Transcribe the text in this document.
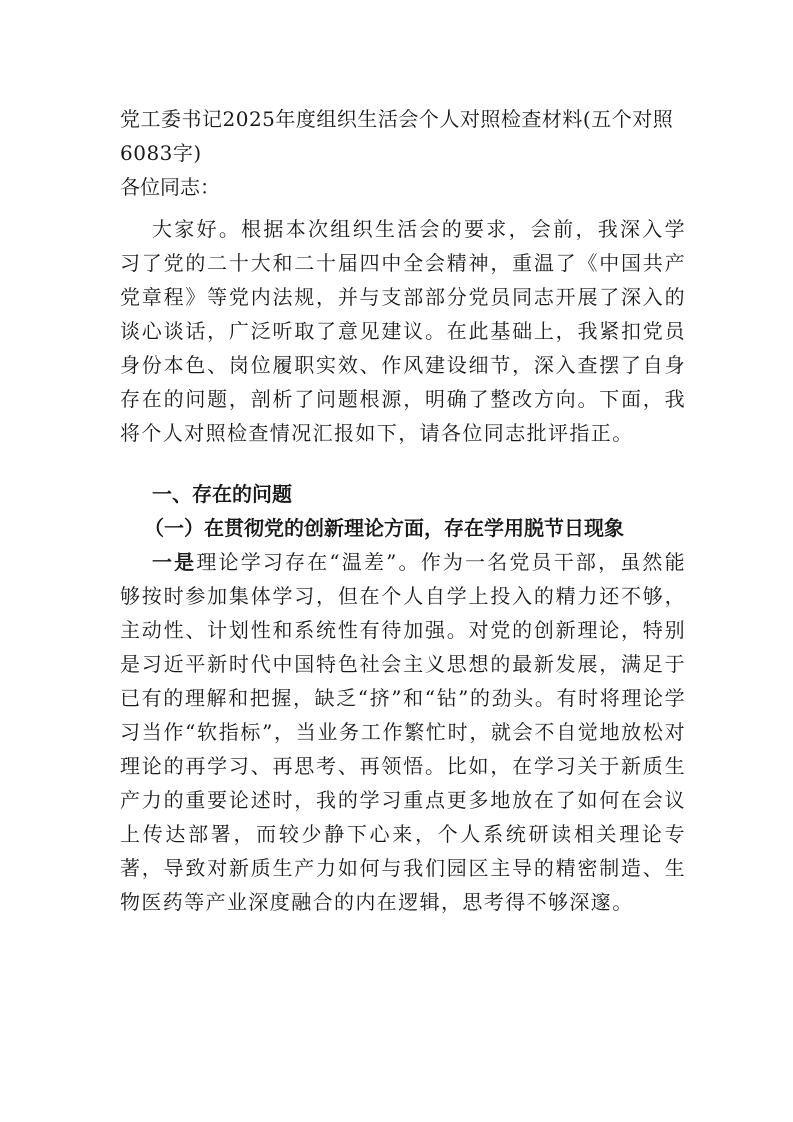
党工委书记2025年度组织生活会个人对照检查材料(五个对照　6083字)

各位同志：

大家好。根据本次组织生活会的要求，会前，我深入学习了党的二十大和二十届四中全会精神，重温了《中国共产党章程》等党内法规，并与支部部分党员同志开展了深入的谈心谈话，广泛听取了意见建议。在此基础上，我紧扣党员身份本色、岗位履职实效、作风建设细节，深入查摆了自身存在的问题，剖析了问题根源，明确了整改方向。下面，我将个人对照检查情况汇报如下，请各位同志批评指正。

一、存在的问题

（一）在贯彻党的创新理论方面，存在学用脱节日现象

一是理论学习存在“温差”。作为一名党员干部，虽然能够按时参加集体学习，但在个人自学上投入的精力还不够，主动性、计划性和系统性有待加强。对党的创新理论，特别是习近平新时代中国特色社会主义思想的最新发展，满足于已有的理解和把握，缺乏“挤”和“钻”的劲头。有时将理论学习当作“软指标”，当业务工作繁忙时，就会不自觉地放松对理论的再学习、再思考、再领悟。比如，在学习关于新质生产力的重要论述时，我的学习重点更多地放在了如何在会议上传达部署，而较少静下心来，个人系统研读相关理论专著，导致对新质生产力如何与我们园区主导的精密制造、生物医药等产业深度融合的内在逻辑，思考得不够深邃。
